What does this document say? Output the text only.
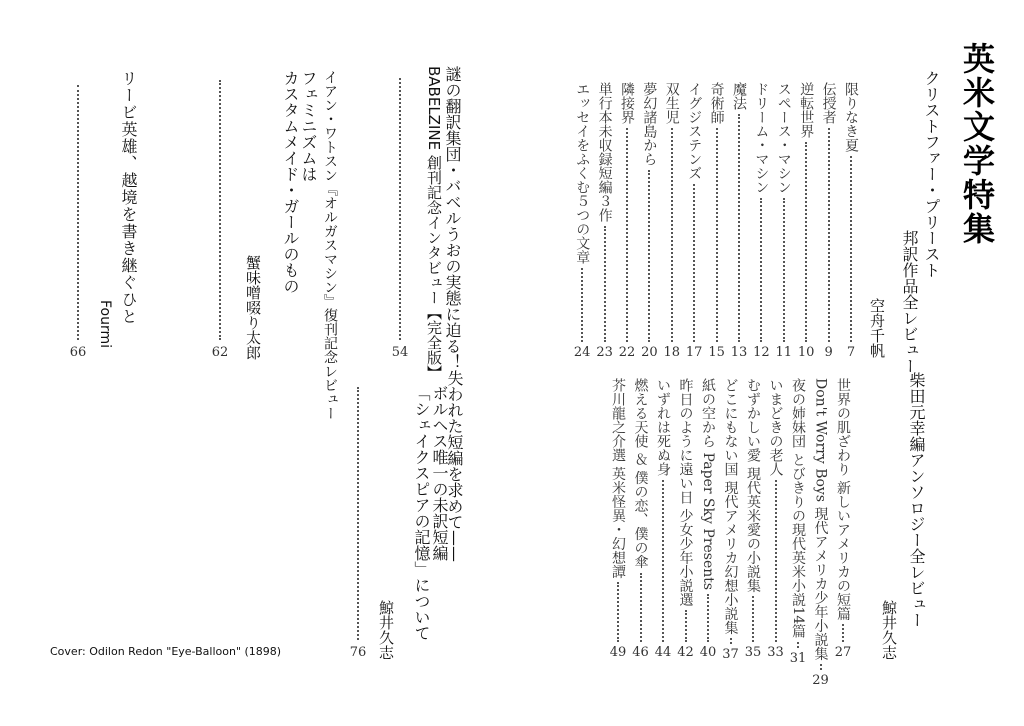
英米文学特集
クリストファー・プリースト
邦訳作品全レビュー
空舟千帆
限りなき夏
7
伝授者
9
逆転世界
10
スペース・マシン
11
ドリーム・マシン
12
魔法
13
奇術師
15
イグジステンズ
17
双生児
18
夢幻諸島から
20
隣接界
22
単行本未収録短編３作
23
エッセイをふくむ５つの文章
24
柴田元幸編アンソロジー全レビュー
鯨井久志
世界の肌ざわり 新しいアメリカの短篇
27
Don't Worry Boys 現代アメリカ少年小説集
29
夜の姉妹団 とびきりの現代英米小説14篇
31
いまどきの老人
33
むずかしい愛 現代英米愛の小説集
35
どこにもない国 現代アメリカ幻想小説集
37
紙の空から Paper Sky Presents
40
昨日のように遠い日 少女少年小説選
42
いずれは死ぬ身
44
燃える天使 ＆ 僕の恋、僕の傘
46
芥川龍之介選 英米怪異・幻想譚
49
謎の翻訳集団・バベルうおの実態に迫る！
BABELZINE 創刊記念インタビュー【完全版】
54
イアン・ワトスン『オルガスマシン』復刊記念レビュー
フェミニズムは
カスタムメイド・ガールのもの
蟹味噌啜り太郎
62
リービ英雄、越境を書き継ぐひと
Fourmi
66
失われた短編を求めて——
ボルヘス唯一の未訳短編
「シェイクスピアの記憶」について
鯨井久志
76
Cover: Odilon Redon "Eye-Balloon" (1898)
